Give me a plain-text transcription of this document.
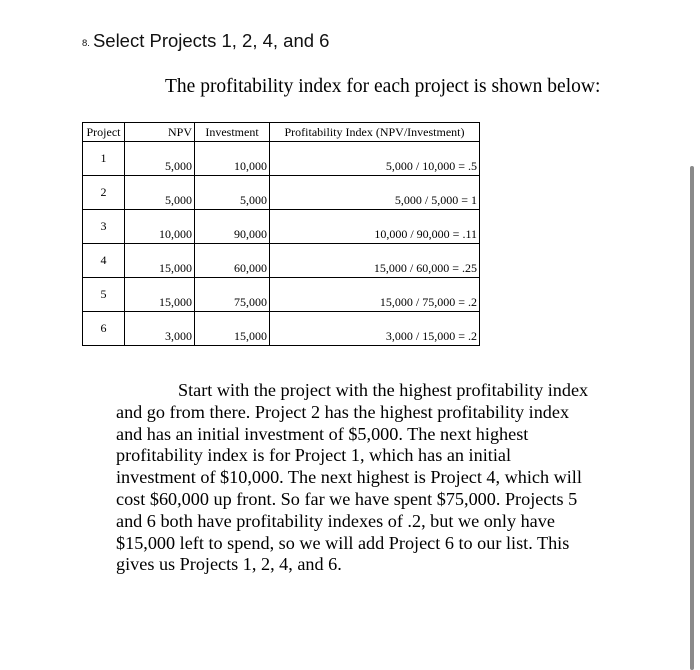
8. Select Projects 1, 2, 4, and 6
The profitability index for each project is shown below:
Project	NPV	Investment	Profitability Index (NPV/Investment)
1	5,000	10,000	5,000 / 10,000 = .5
2	5,000	5,000	5,000 / 5,000 = 1
3	10,000	90,000	10,000 / 90,000 = .11
4	15,000	60,000	15,000 / 60,000 = .25
5	15,000	75,000	15,000 / 75,000 = .2
6	3,000	15,000	3,000 / 15,000 = .2
Start with the project with the highest profitability index
and go from there. Project 2 has the highest profitability index
and has an initial investment of $5,000. The next highest
profitability index is for Project 1, which has an initial
investment of $10,000. The next highest is Project 4, which will
cost $60,000 up front. So far we have spent $75,000. Projects 5
and 6 both have profitability indexes of .2, but we only have
$15,000 left to spend, so we will add Project 6 to our list. This
gives us Projects 1, 2, 4, and 6.
